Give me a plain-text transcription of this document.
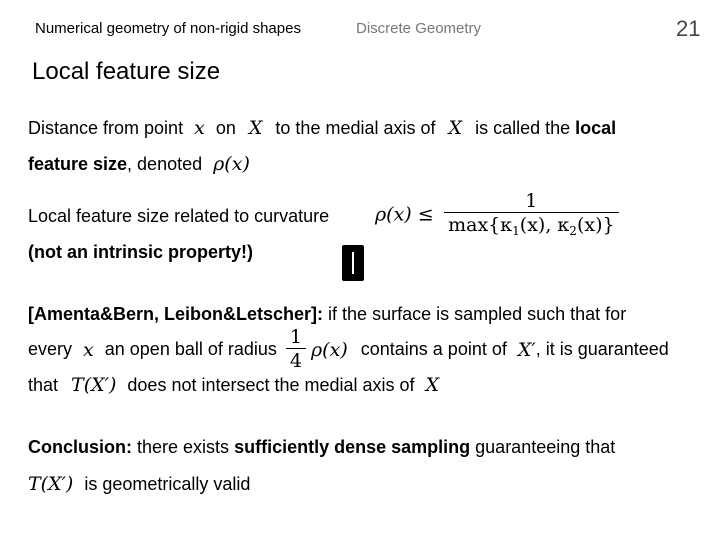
Numerical geometry of non-rigid shapes	Discrete Geometry	21
Local feature size
Distance from point x on X to the medial axis of X is called the local
feature size, denoted ρ(x)
Local feature size related to curvature $\rho(x) \le \frac{1}{\max\{\kappa_1(x), \kappa_2(x)\}}$
(not an intrinsic property!)
[Amenta&Bern, Leibon&Letscher]: if the surface is sampled such that for
every x an open ball of radius $\frac{1}{4} \rho(x)$ contains a point of X′, it is guaranteed
that T(X′) does not intersect the medial axis of X
Conclusion: there exists sufficiently dense sampling guaranteeing that
T(X′) is geometrically valid
